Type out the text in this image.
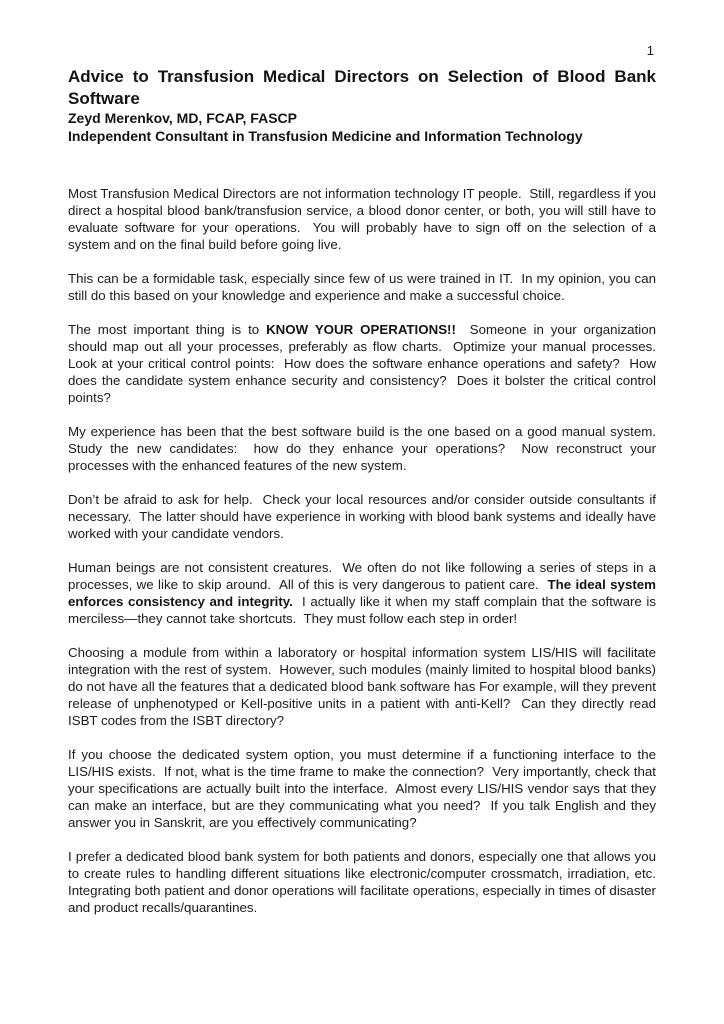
1
Advice to Transfusion Medical Directors on Selection of Blood Bank Software

Zeyd Merenkov, MD, FCAP, FASCP

Independent Consultant in Transfusion Medicine and Information Technology

Most Transfusion Medical Directors are not information technology IT people.  Still, regardless if you direct a hospital blood bank/transfusion service, a blood donor center, or both, you will still have to evaluate software for your operations.  You will probably have to sign off on the selection of a system and on the final build before going live.

This can be a formidable task, especially since few of us were trained in IT.  In my opinion, you can still do this based on your knowledge and experience and make a successful choice.

The most important thing is to KNOW YOUR OPERATIONS!!  Someone in your organization should map out all your processes, preferably as flow charts.  Optimize your manual processes.  Look at your critical control points:  How does the software enhance operations and safety?  How does the candidate system enhance security and consistency?  Does it bolster the critical control points?

My experience has been that the best software build is the one based on a good manual system.  Study the new candidates:  how do they enhance your operations?  Now reconstruct your processes with the enhanced features of the new system.

Don’t be afraid to ask for help.  Check your local resources and/or consider outside consultants if necessary.  The latter should have experience in working with blood bank systems and ideally have worked with your candidate vendors.

Human beings are not consistent creatures.  We often do not like following a series of steps in a processes, we like to skip around.  All of this is very dangerous to patient care.  The ideal system enforces consistency and integrity.  I actually like it when my staff complain that the software is merciless—they cannot take shortcuts.  They must follow each step in order!

Choosing a module from within a laboratory or hospital information system LIS/HIS will facilitate integration with the rest of system.  However, such modules (mainly limited to hospital blood banks) do not have all the features that a dedicated blood bank software has For example, will they prevent release of unphenotyped or Kell-positive units in a patient with anti-Kell?  Can they directly read ISBT codes from the ISBT directory?

If you choose the dedicated system option, you must determine if a functioning interface to the LIS/HIS exists.  If not, what is the time frame to make the connection?  Very importantly, check that your specifications are actually built into the interface.  Almost every LIS/HIS vendor says that they can make an interface, but are they communicating what you need?  If you talk English and they answer you in Sanskrit, are you effectively communicating?

I prefer a dedicated blood bank system for both patients and donors, especially one that allows you to create rules to handling different situations like electronic/computer crossmatch, irradiation, etc.  Integrating both patient and donor operations will facilitate operations, especially in times of disaster and product recalls/quarantines.
